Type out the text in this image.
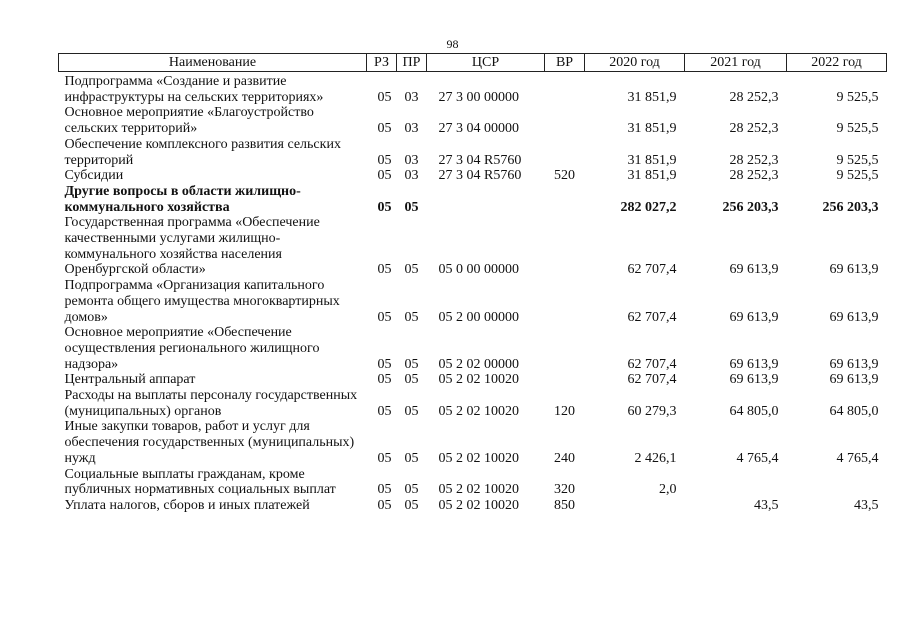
98
Наименование	РЗ	ПР	ЦСР	ВР	2020 год	2021 год	2022 год
Подпрограмма «Создание и развитие инфраструктуры на сельских территориях»	05	03	27 3 00 00000		31 851,9	28 252,3	9 525,5
Основное мероприятие «Благоустройство сельских территорий»	05	03	27 3 04 00000		31 851,9	28 252,3	9 525,5
Обеспечение комплексного развития сельских территорий	05	03	27 3 04 R5760		31 851,9	28 252,3	9 525,5
Субсидии	05	03	27 3 04 R5760	520	31 851,9	28 252,3	9 525,5
Другие вопросы в области жилищно-коммунального хозяйства	05	05			282 027,2	256 203,3	256 203,3
Государственная программа «Обеспечение качественными услугами жилищно-коммунального хозяйства населения Оренбургской области»	05	05	05 0 00 00000		62 707,4	69 613,9	69 613,9
Подпрограмма «Организация капитального ремонта общего имущества многоквартирных домов»	05	05	05 2 00 00000		62 707,4	69 613,9	69 613,9
Основное мероприятие «Обеспечение осуществления регионального жилищного надзора»	05	05	05 2 02 00000		62 707,4	69 613,9	69 613,9
Центральный аппарат	05	05	05 2 02 10020		62 707,4	69 613,9	69 613,9
Расходы на выплаты персоналу государственных (муниципальных) органов	05	05	05 2 02 10020	120	60 279,3	64 805,0	64 805,0
Иные закупки товаров, работ и услуг для обеспечения государственных (муниципальных) нужд	05	05	05 2 02 10020	240	2 426,1	4 765,4	4 765,4
Социальные выплаты гражданам, кроме публичных нормативных социальных выплат	05	05	05 2 02 10020	320	2,0		
Уплата налогов, сборов и иных платежей	05	05	05 2 02 10020	850		43,5	43,5
